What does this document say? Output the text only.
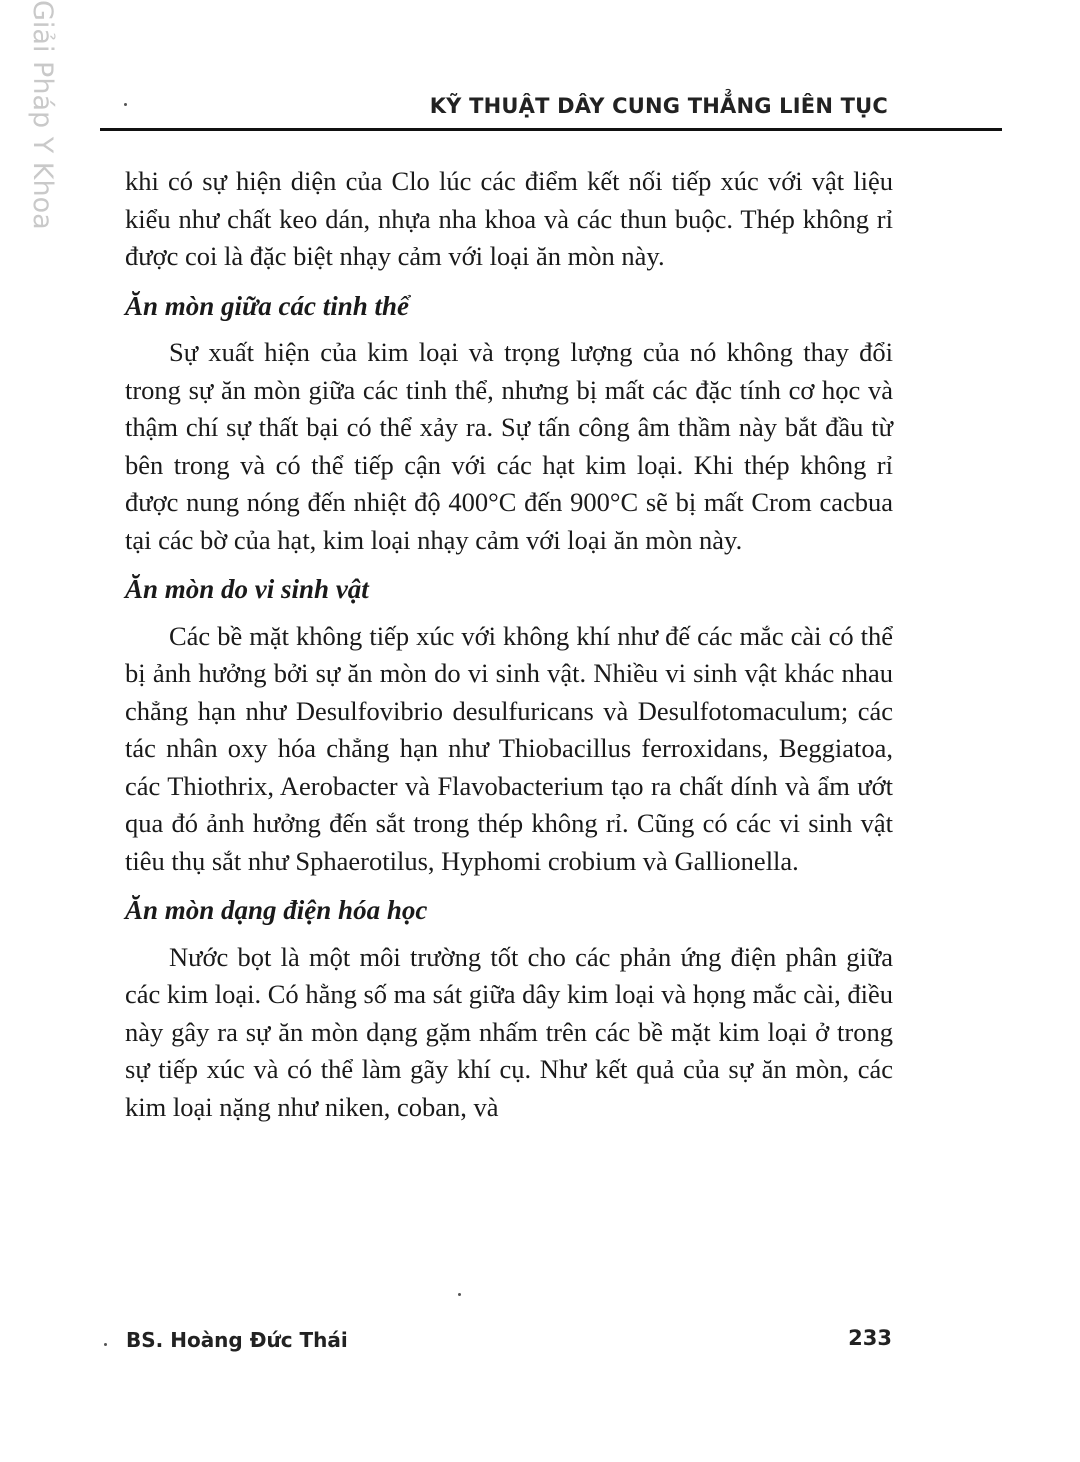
Giải Pháp Y Khoa	KỸ THUẬT DÂY CUNG THẲNG LIÊN TỤC

khi có sự hiện diện của Clo lúc các điểm kết nối tiếp xúc với vật liệu kiểu như chất keo dán, nhựa nha khoa và các thun buộc. Thép không rỉ được coi là đặc biệt nhạy cảm với loại ăn mòn này.

Ăn mòn giữa các tinh thể

Sự xuất hiện của kim loại và trọng lượng của nó không thay đổi trong sự ăn mòn giữa các tinh thể, nhưng bị mất các đặc tính cơ học và thậm chí sự thất bại có thể xảy ra. Sự tấn công âm thầm này bắt đầu từ bên trong và có thể tiếp cận với các hạt kim loại. Khi thép không rỉ được nung nóng đến nhiệt độ 400°C đến 900°C sẽ bị mất Crom cacbua tại các bờ của hạt, kim loại nhạy cảm với loại ăn mòn này.

Ăn mòn do vi sinh vật

Các bề mặt không tiếp xúc với không khí như đế các mắc cài có thể bị ảnh hưởng bởi sự ăn mòn do vi sinh vật. Nhiều vi sinh vật khác nhau chẳng hạn như Desulfovibrio desulfuricans và Desulfotomaculum; các tác nhân oxy hóa chẳng hạn như Thiobacillus ferroxidans, Beggiatoa, các Thiothrix, Aerobacter và Flavobacterium tạo ra chất dính và ẩm ướt qua đó ảnh hưởng đến sắt trong thép không rỉ. Cũng có các vi sinh vật tiêu thụ sắt như Sphaerotilus, Hyphomi crobium và Gallionella.

Ăn mòn dạng điện hóa học

Nước bọt là một môi trường tốt cho các phản ứng điện phân giữa các kim loại. Có hằng số ma sát giữa dây kim loại và họng mắc cài, điều này gây ra sự ăn mòn dạng gặm nhấm trên các bề mặt kim loại ở trong sự tiếp xúc và có thể làm gãy khí cụ. Như kết quả của sự ăn mòn, các kim loại nặng như niken, coban, và

BS. Hoàng Đức Thái	233
